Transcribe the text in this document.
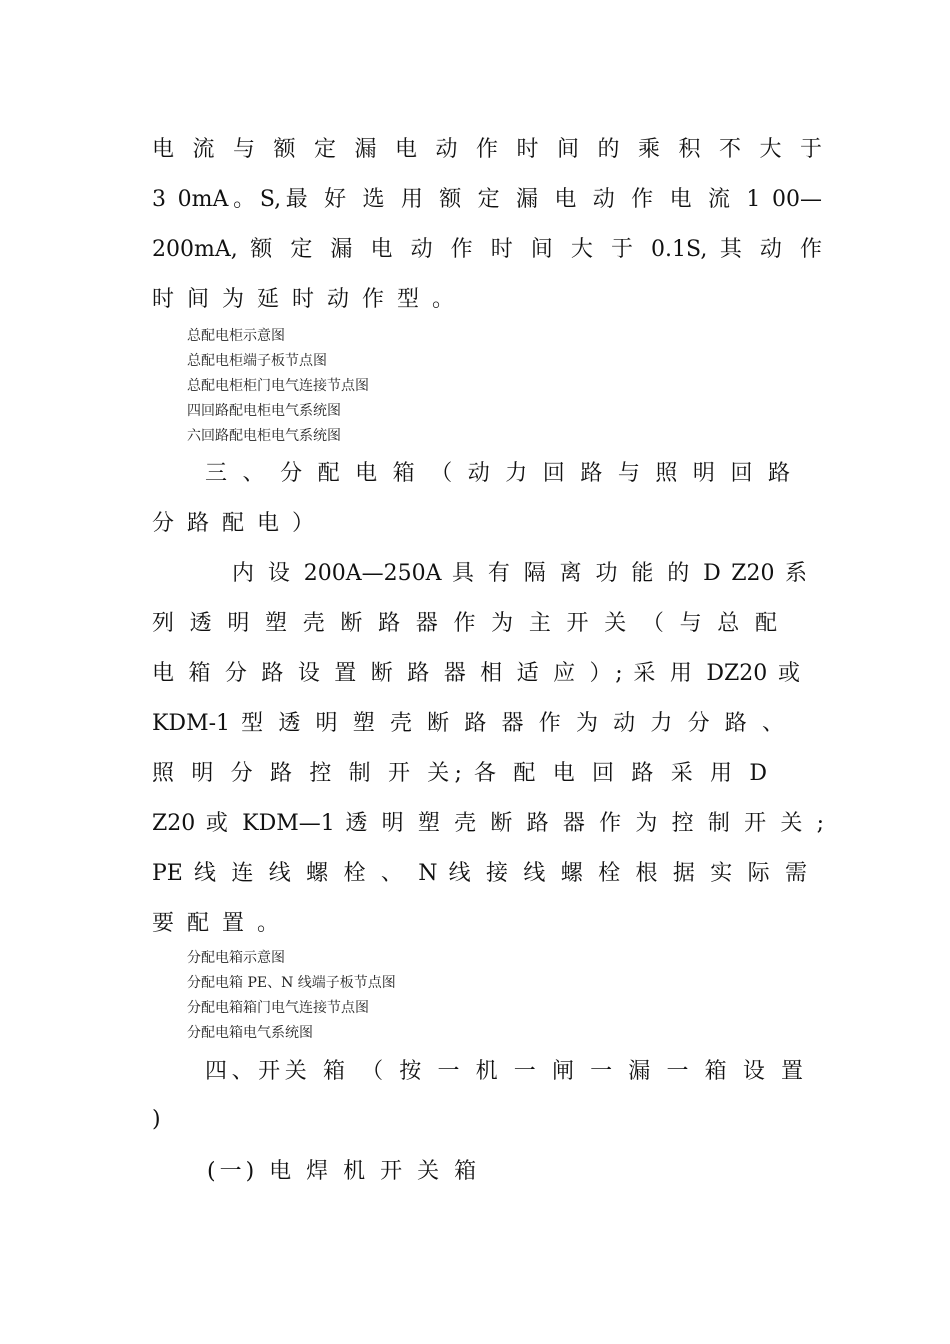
电 流 与 额 定 漏 电 动 作 时 间 的 乘 积 不 大 于
3 0mA。S,最 好 选 用 额 定 漏 电 动 作 电 流 1 00—
200mA, 额 定 漏 电 动 作 时 间 大 于 0.1S, 其 动 作
时 间 为 延 时 动 作 型 。
总配电柜示意图
总配电柜端子板节点图
总配电柜柜门电气连接节点图
四回路配电柜电气系统图
六回路配电柜电气系统图
三 、 分 配 电 箱 （ 动 力 回 路 与 照 明 回 路
分 路 配 电 ）
内 设 200A—250A 具 有 隔 离 功 能 的 D Z20 系
列 透 明 塑 壳 断 路 器 作 为 主 开 关 （ 与 总 配
电 箱 分 路 设 置 断 路 器 相 适 应 ）; 采 用 DZ20 或
KDM-1 型 透 明 塑 壳 断 路 器 作 为 动 力 分 路 、
照 明 分 路 控 制 开 关; 各 配 电 回 路 采 用 D
Z20 或 KDM—1 透 明 塑 壳 断 路 器 作 为 控 制 开 关 ;
PE 线 连 线 螺 栓 、 N 线 接 线 螺 栓 根 据 实 际 需
要 配 置 。
分配电箱示意图
分配电箱 PE、N 线端子板节点图
分配电箱箱门电气连接节点图
分配电箱电气系统图
四、开关 箱 （ 按 一 机 一 闸 一 漏 一 箱 设 置
)
(一) 电 焊 机 开 关 箱
